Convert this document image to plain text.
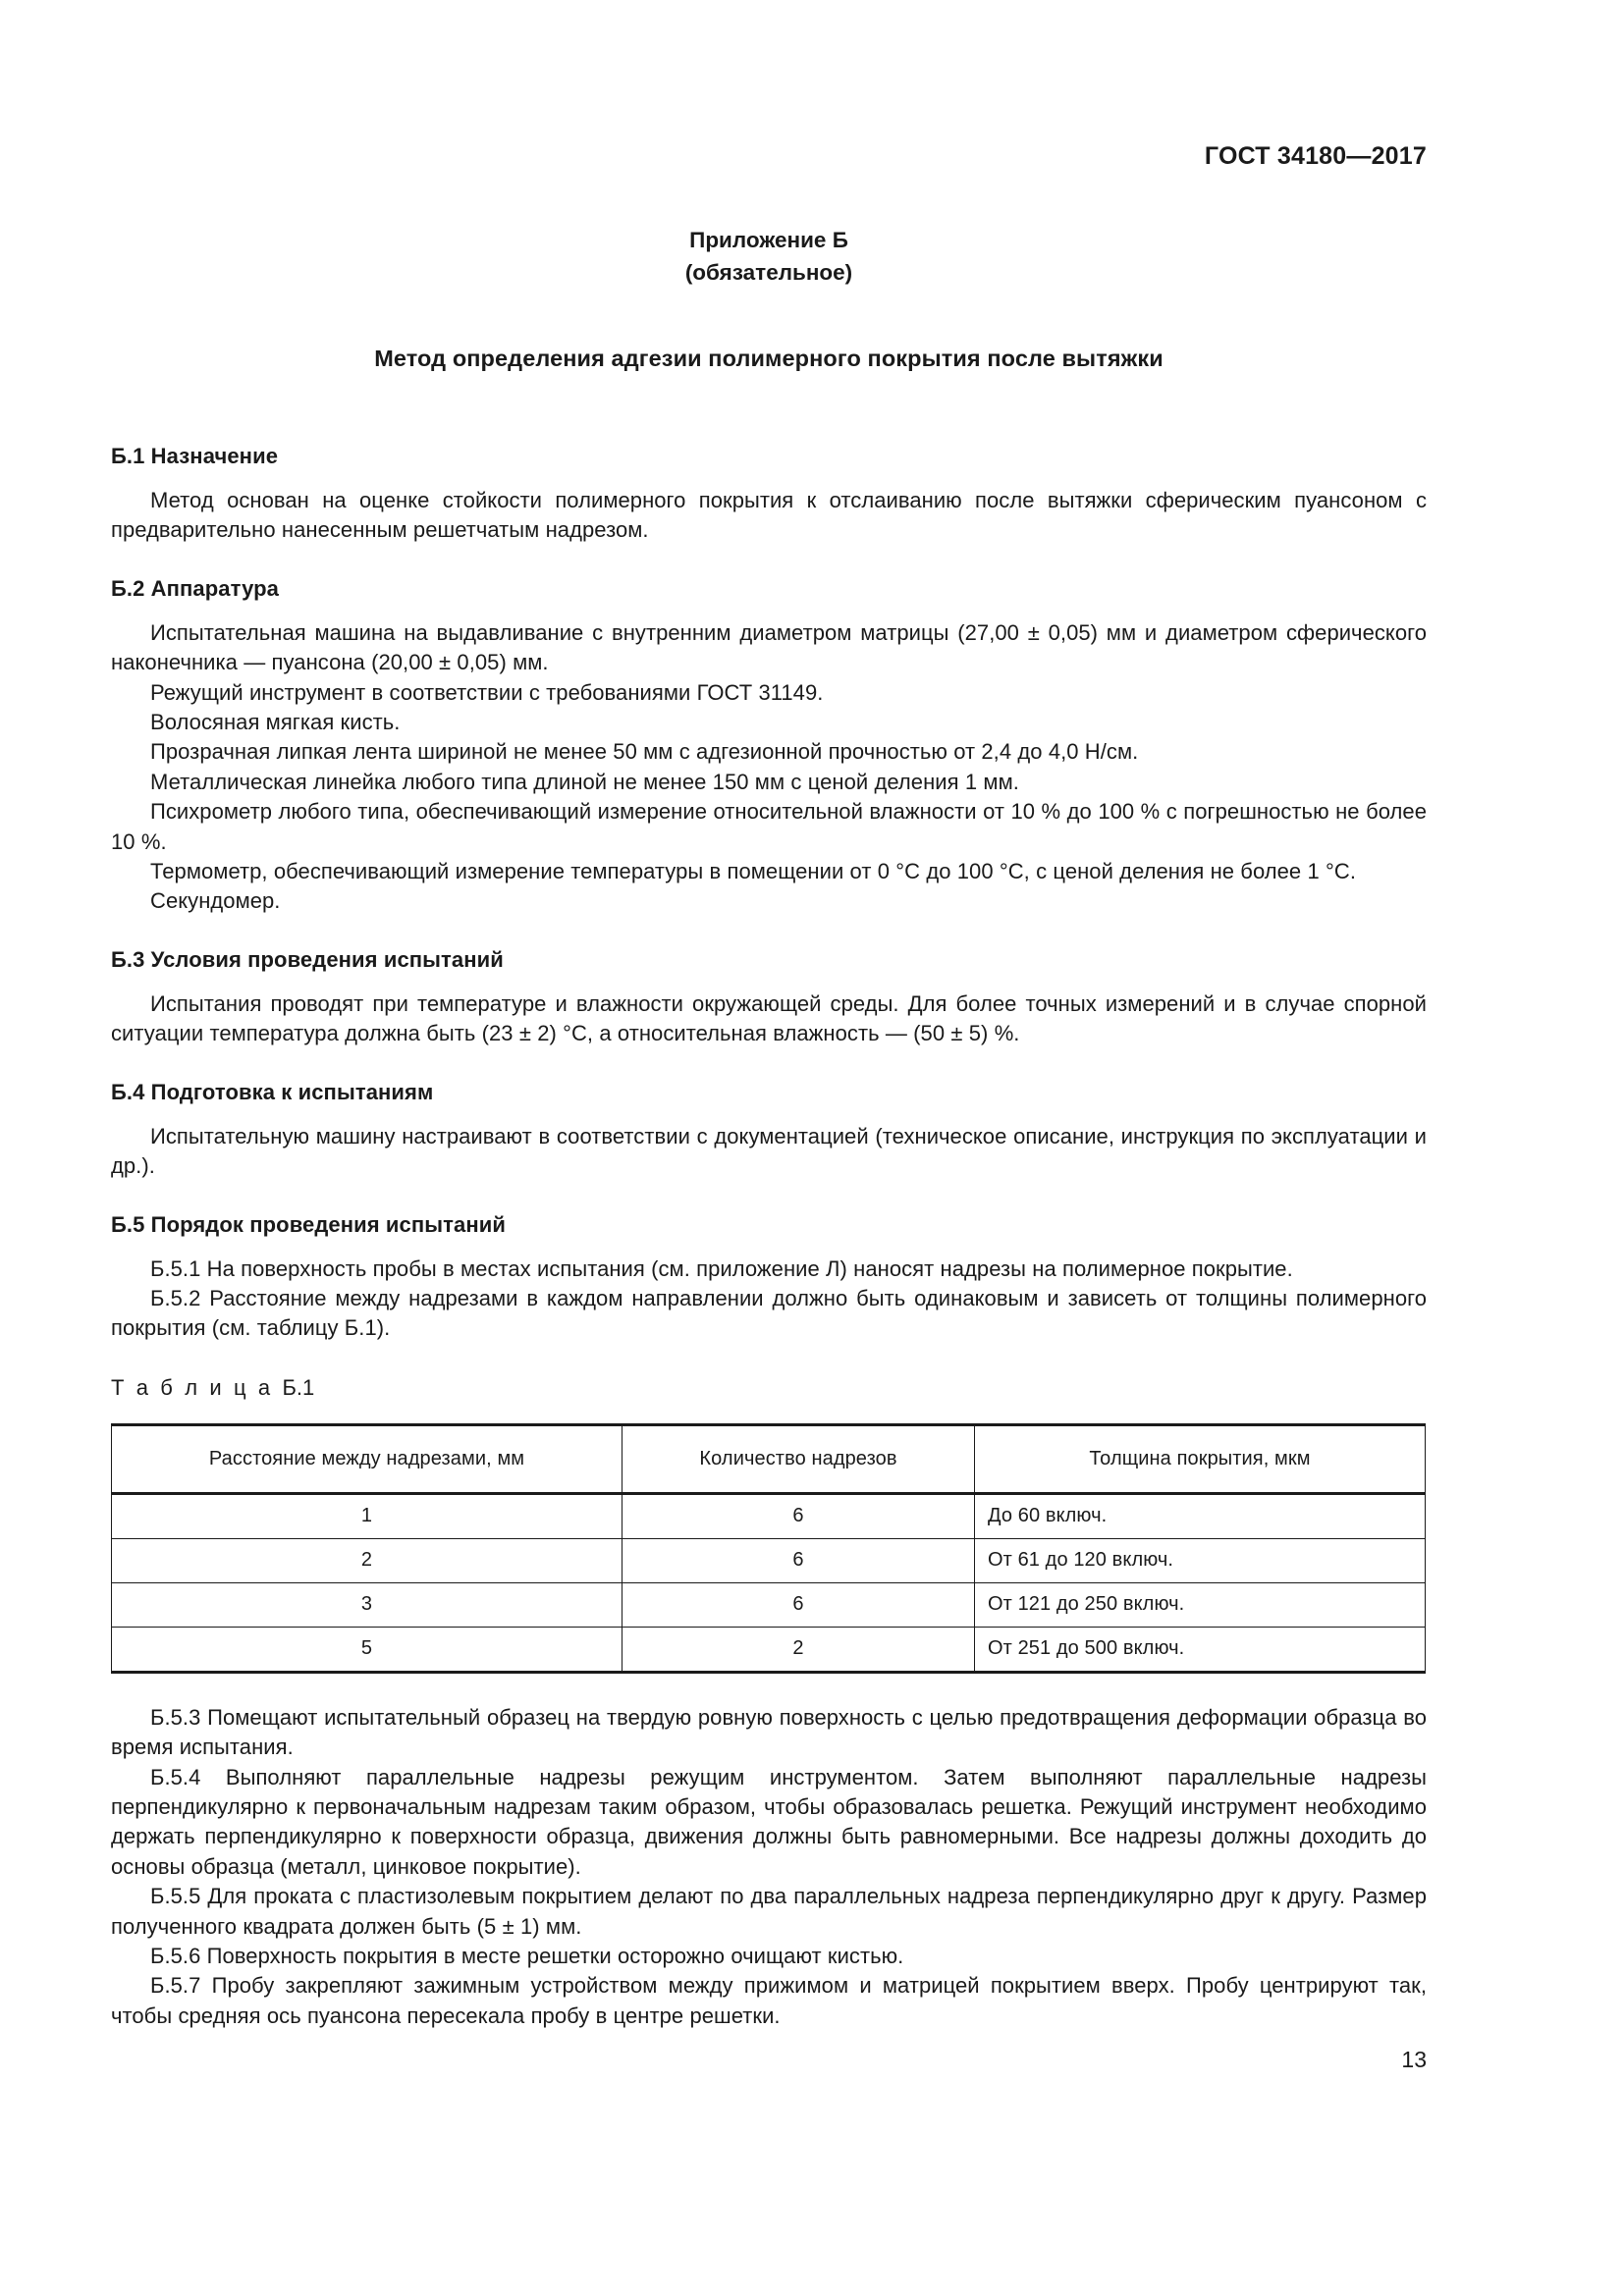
ГОСТ 34180—2017
Приложение Б
(обязательное)
Метод определения адгезии полимерного покрытия после вытяжки
Б.1 Назначение

Метод основан на оценке стойкости полимерного покрытия к отслаиванию после вытяжки сферическим пуансоном с предварительно нанесенным решетчатым надрезом.

Б.2 Аппаратура

Испытательная машина на выдавливание с внутренним диаметром матрицы (27,00 ± 0,05) мм и диаметром сферического наконечника — пуансона (20,00 ± 0,05) мм.

Режущий инструмент в соответствии с требованиями ГОСТ 31149.

Волосяная мягкая кисть.

Прозрачная липкая лента шириной не менее 50 мм с адгезионной прочностью от 2,4 до 4,0 Н/см.

Металлическая линейка любого типа длиной не менее 150 мм с ценой деления 1 мм.

Психрометр любого типа, обеспечивающий измерение относительной влажности от 10 % до 100 % с погрешностью не более 10 %.

Термометр, обеспечивающий измерение температуры в помещении от 0 °C до 100 °C, с ценой деления не более 1 °C.

Секундомер.

Б.3 Условия проведения испытаний

Испытания проводят при температуре и влажности окружающей среды. Для более точных измерений и в случае спорной ситуации температура должна быть (23 ± 2) °C, а относительная влажность — (50 ± 5) %.

Б.4 Подготовка к испытаниям

Испытательную машину настраивают в соответствии с документацией (техническое описание, инструкция по эксплуатации и др.).

Б.5 Порядок проведения испытаний

Б.5.1 На поверхность пробы в местах испытания (см. приложение Л) наносят надрезы на полимерное покрытие.

Б.5.2 Расстояние между надрезами в каждом направлении должно быть одинаковым и зависеть от толщины полимерного покрытия (см. таблицу Б.1).

Т а б л и ц а Б.1

Расстояние между надрезами, мм	Количество надрезов	Толщина покрытия, мкм
1	6	До 60 включ.
2	6	От 61 до 120 включ.
3	6	От 121 до 250 включ.
5	2	От 251 до 500 включ.

Б.5.3 Помещают испытательный образец на твердую ровную поверхность с целью предотвращения деформации образца во время испытания.

Б.5.4 Выполняют параллельные надрезы режущим инструментом. Затем выполняют параллельные надрезы перпендикулярно к первоначальным надрезам таким образом, чтобы образовалась решетка. Режущий инструмент необходимо держать перпендикулярно к поверхности образца, движения должны быть равномерными. Все надрезы должны доходить до основы образца (металл, цинковое покрытие).

Б.5.5 Для проката с пластизолевым покрытием делают по два параллельных надреза перпендикулярно друг к другу. Размер полученного квадрата должен быть (5 ± 1) мм.

Б.5.6 Поверхность покрытия в месте решетки осторожно очищают кистью.

Б.5.7 Пробу закрепляют зажимным устройством между прижимом и матрицей покрытием вверх. Пробу центрируют так, чтобы средняя ось пуансона пересекала пробу в центре решетки.

13
